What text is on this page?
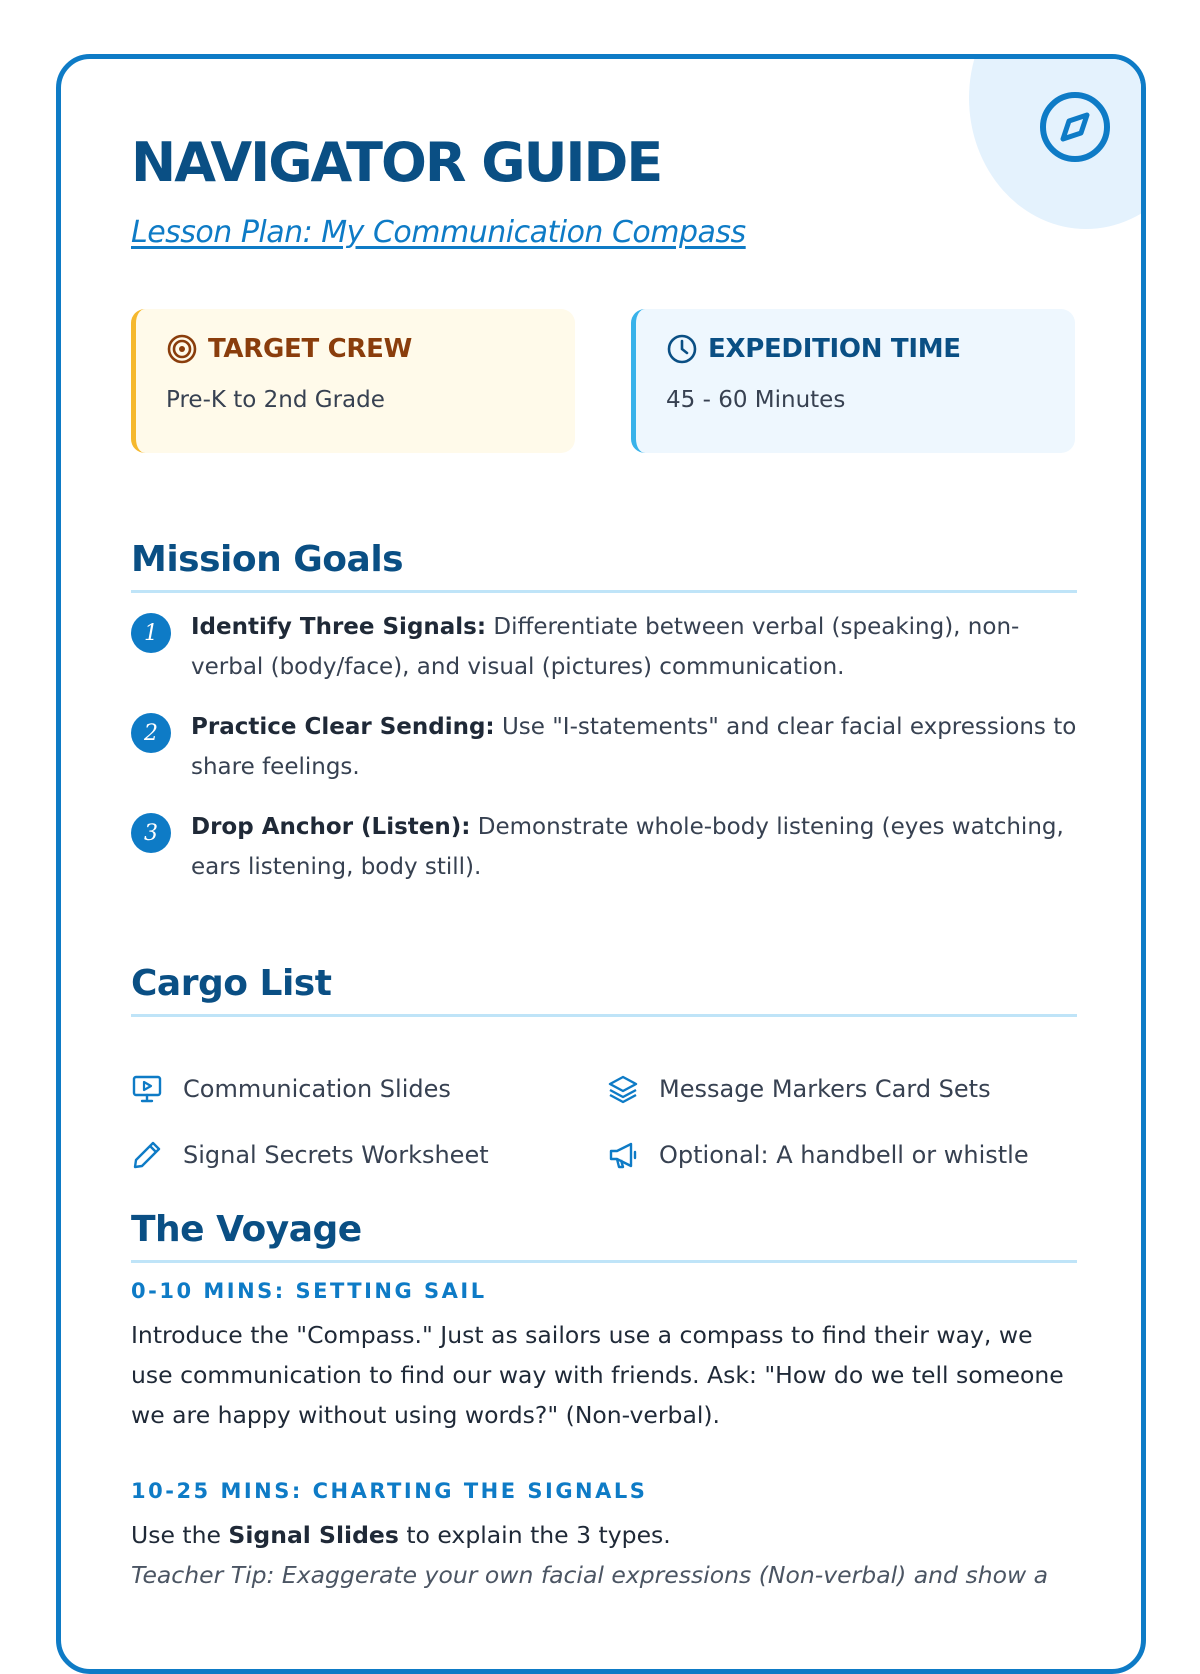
NAVIGATOR GUIDE
Lesson Plan: My Communication Compass
TARGET CREW
Pre-K to 2nd Grade
EXPEDITION TIME
45 - 60 Minutes
Mission Goals
1	Identify Three Signals: Differentiate between verbal (speaking), non-verbal (body/face), and visual (pictures) communication.
2	Practice Clear Sending: Use "I-statements" and clear facial expressions to share feelings.
3	Drop Anchor (Listen): Demonstrate whole-body listening (eyes watching, ears listening, body still).
Cargo List
Communication Slides	Message Markers Card Sets
Signal Secrets Worksheet	Optional: A handbell or whistle
The Voyage
0-10 MINS: SETTING SAIL
Introduce the "Compass." Just as sailors use a compass to find their way, we use communication to find our way with friends. Ask: "How do we tell someone we are happy without using words?" (Non-verbal).
10-25 MINS: CHARTING THE SIGNALS
Use the Signal Slides to explain the 3 types.
Teacher Tip: Exaggerate your own facial expressions (Non-verbal) and show a
